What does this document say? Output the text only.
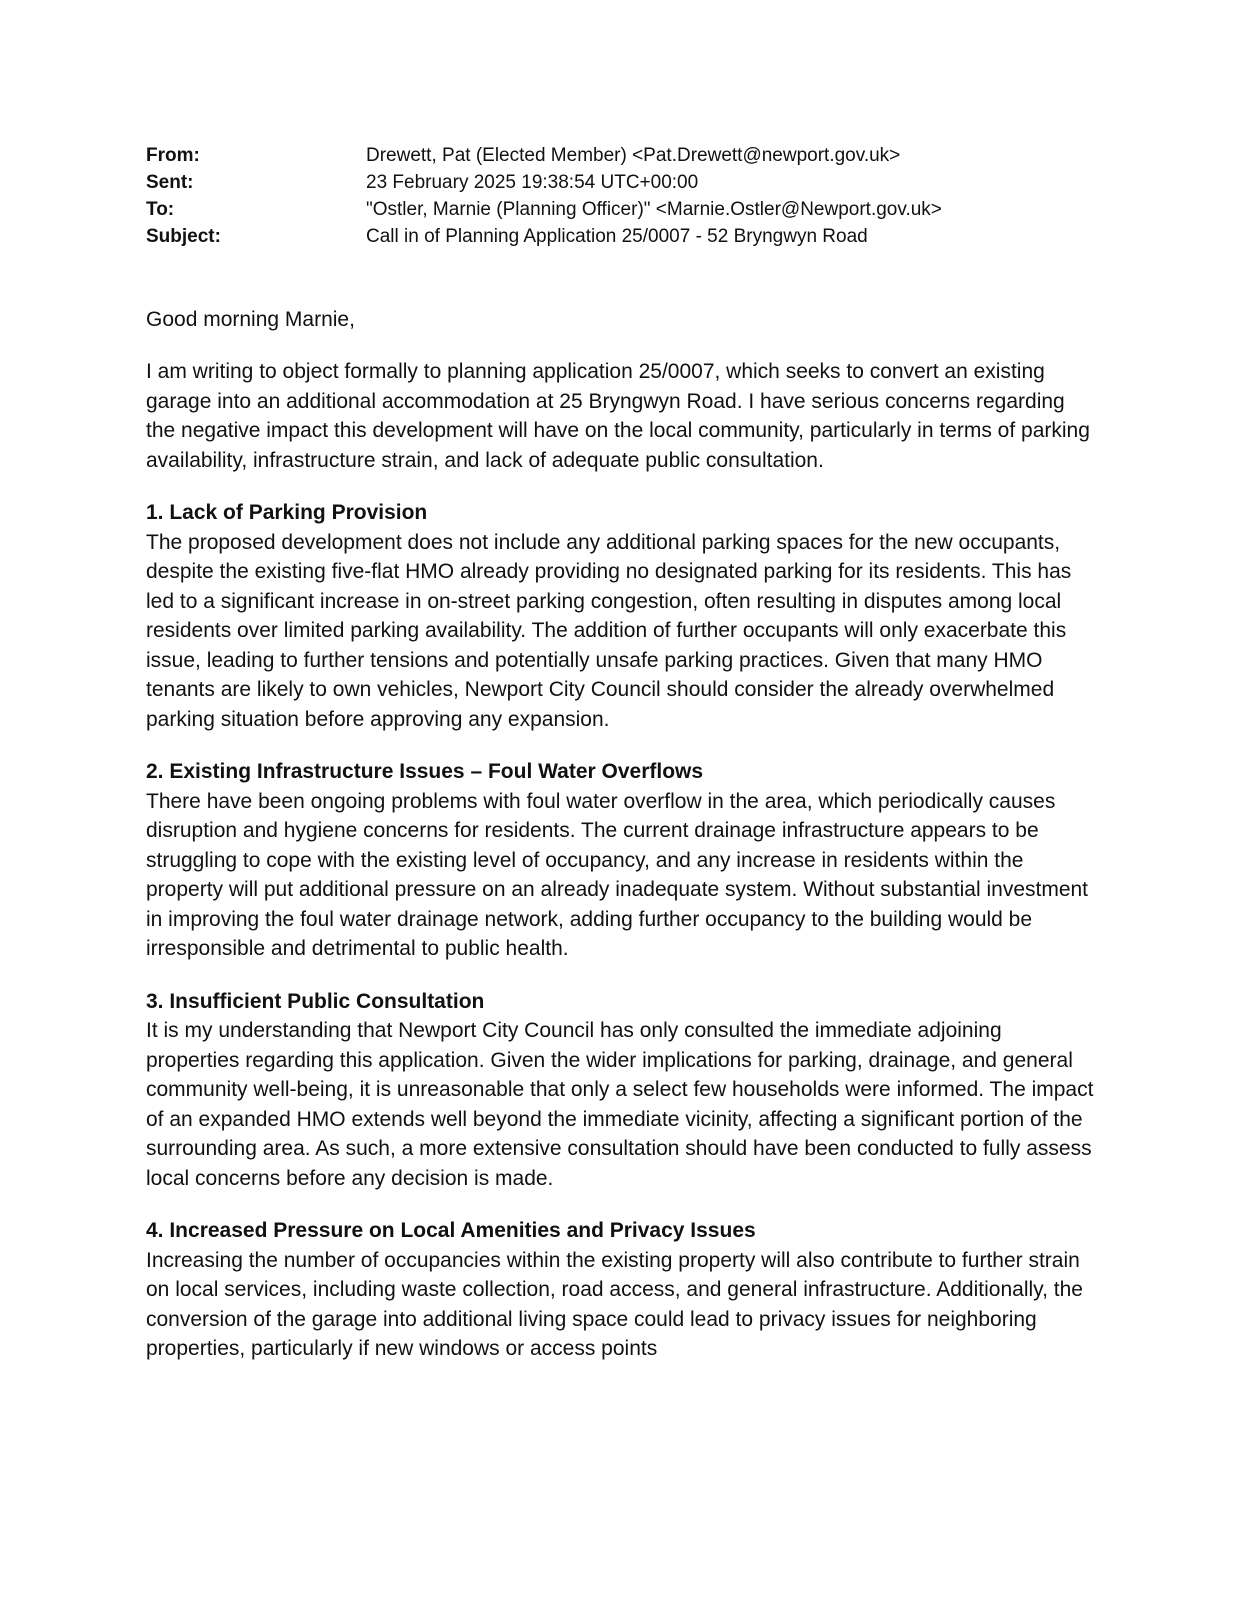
From:	Drewett, Pat (Elected Member) <Pat.Drewett@newport.gov.uk>
Sent:	23 February 2025 19:38:54 UTC+00:00
To:	"Ostler, Marnie (Planning Officer)" <Marnie.Ostler@Newport.gov.uk>
Subject:	Call in of Planning Application 25/0007 - 52 Bryngwyn Road
Good morning Marnie,
I am writing to object formally to planning application 25/0007, which seeks to convert an existing garage into an additional accommodation at 25 Bryngwyn Road. I have serious concerns regarding the negative impact this development will have on the local community, particularly in terms of parking availability, infrastructure strain, and lack of adequate public consultation.
1. Lack of Parking Provision
The proposed development does not include any additional parking spaces for the new occupants, despite the existing five-flat HMO already providing no designated parking for its residents. This has led to a significant increase in on-street parking congestion, often resulting in disputes among local residents over limited parking availability. The addition of further occupants will only exacerbate this issue, leading to further tensions and potentially unsafe parking practices. Given that many HMO tenants are likely to own vehicles, Newport City Council should consider the already overwhelmed parking situation before approving any expansion.
2. Existing Infrastructure Issues – Foul Water Overflows
There have been ongoing problems with foul water overflow in the area, which periodically causes disruption and hygiene concerns for residents. The current drainage infrastructure appears to be struggling to cope with the existing level of occupancy, and any increase in residents within the property will put additional pressure on an already inadequate system. Without substantial investment in improving the foul water drainage network, adding further occupancy to the building would be irresponsible and detrimental to public health.
3. Insufficient Public Consultation
It is my understanding that Newport City Council has only consulted the immediate adjoining properties regarding this application. Given the wider implications for parking, drainage, and general community well-being, it is unreasonable that only a select few households were informed. The impact of an expanded HMO extends well beyond the immediate vicinity, affecting a significant portion of the surrounding area. As such, a more extensive consultation should have been conducted to fully assess local concerns before any decision is made.
4. Increased Pressure on Local Amenities and Privacy Issues
Increasing the number of occupancies within the existing property will also contribute to further strain on local services, including waste collection, road access, and general infrastructure. Additionally, the conversion of the garage into additional living space could lead to privacy issues for neighboring properties, particularly if new windows or access points
